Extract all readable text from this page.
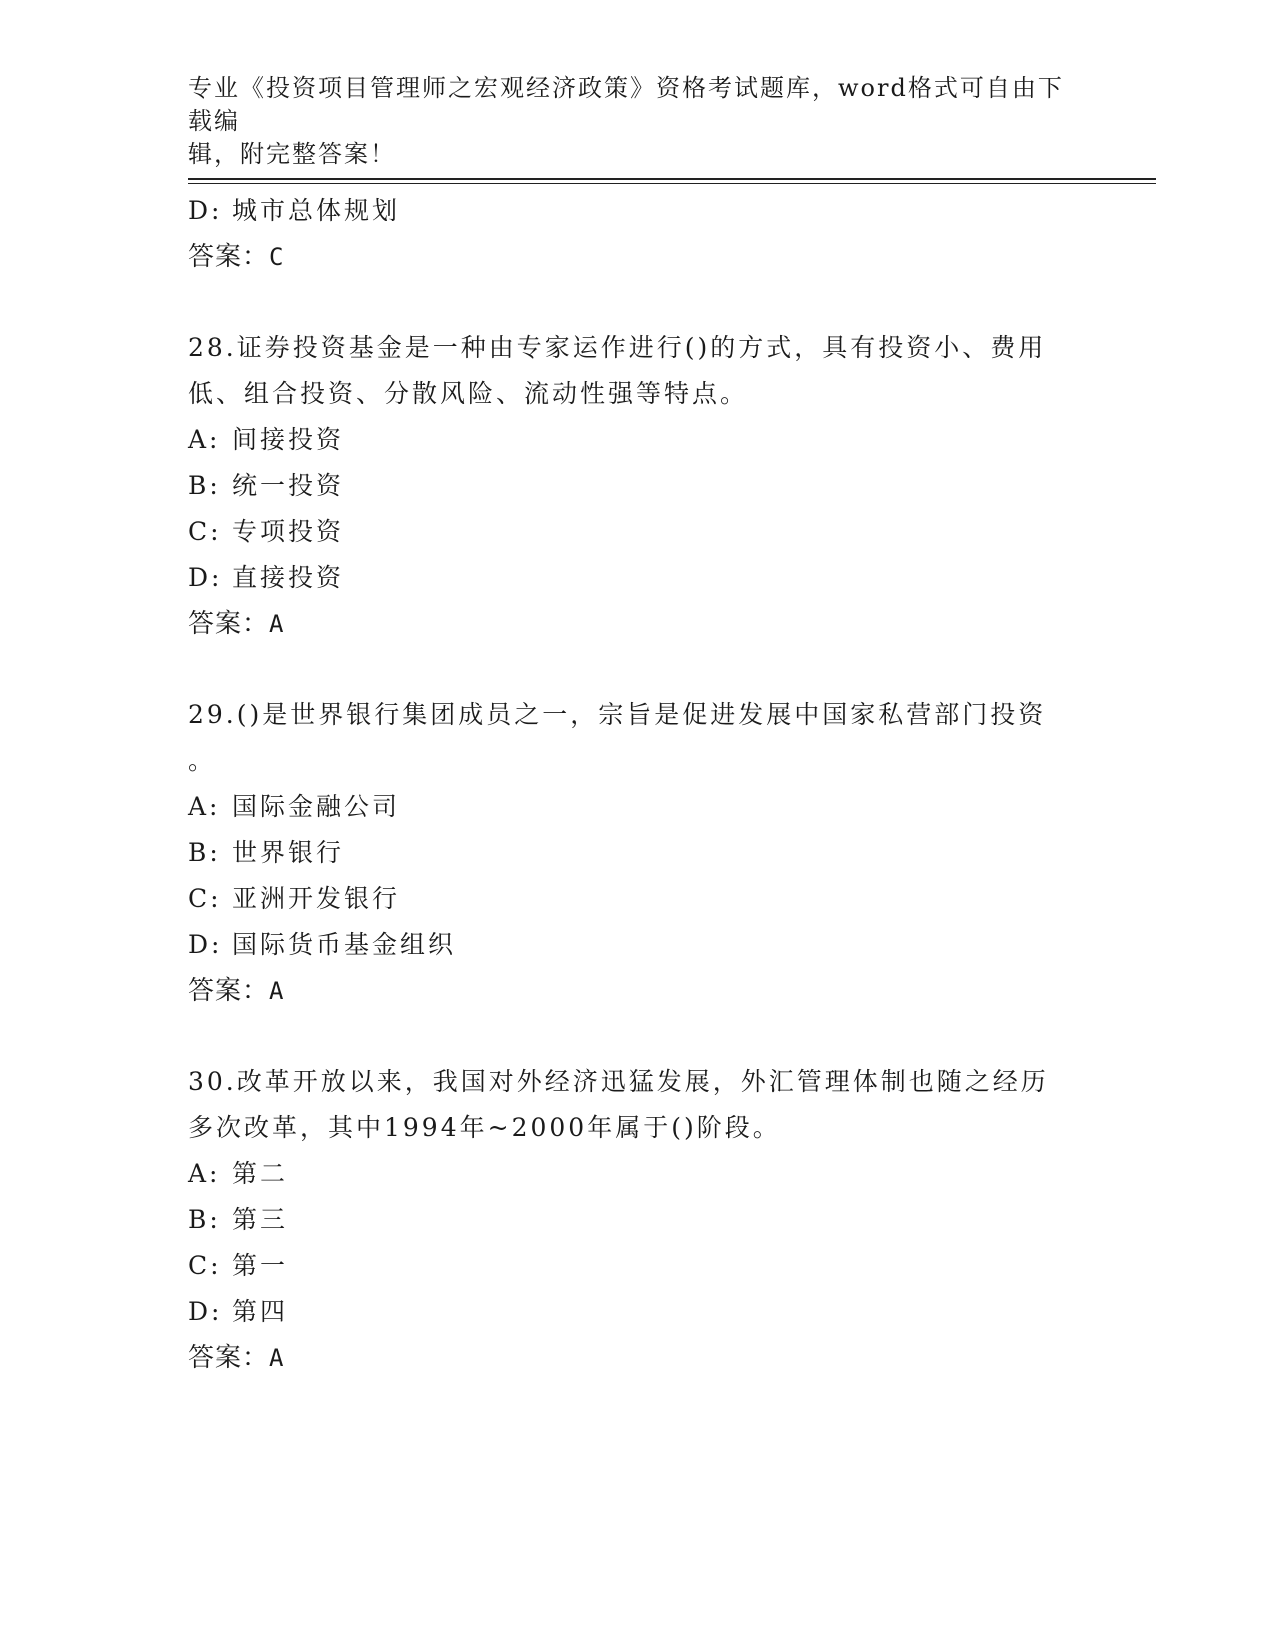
专业《投资项目管理师之宏观经济政策》资格考试题库，word格式可自由下载编
辑，附完整答案！
D: 城市总体规划
答案：C
28.证券投资基金是一种由专家运作进行()的方式，具有投资小、费用
低、组合投资、分散风险、流动性强等特点。
A: 间接投资
B: 统一投资
C: 专项投资
D: 直接投资
答案：A
29.()是世界银行集团成员之一，宗旨是促进发展中国家私营部门投资
。
A: 国际金融公司
B: 世界银行
C: 亚洲开发银行
D: 国际货币基金组织
答案：A
30.改革开放以来，我国对外经济迅猛发展，外汇管理体制也随之经历
多次改革，其中1994年~2000年属于()阶段。
A: 第二
B: 第三
C: 第一
D: 第四
答案：A
